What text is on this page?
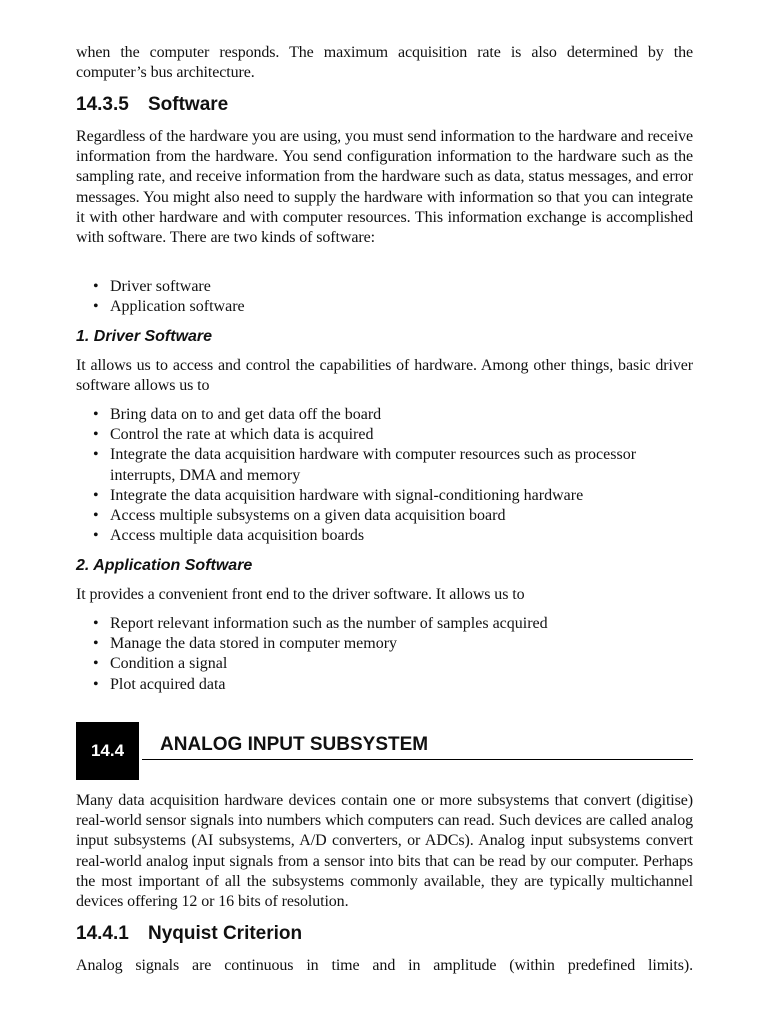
when the computer responds. The maximum acquisition rate is also determined by the computer’s bus architecture.

14.3.5 Software

Regardless of the hardware you are using, you must send information to the hardware and receive information from the hardware. You send configuration information to the hardware such as the sampling rate, and receive information from the hardware such as data, status messages, and error messages. You might also need to supply the hardware with information so that you can integrate it with other hardware and with computer resources. This information exchange is accomplished with software. There are two kinds of software:

• Driver software
• Application software
1. Driver Software

It allows us to access and control the capabilities of hardware. Among other things, basic driver software allows us to

• Bring data on to and get data off the board
• Control the rate at which data is acquired
• Integrate the data acquisition hardware with computer resources such as processor interrupts, DMA and memory
• Integrate the data acquisition hardware with signal-conditioning hardware
• Access multiple subsystems on a given data acquisition board
• Access multiple data acquisition boards
2. Application Software

It provides a convenient front end to the driver software. It allows us to

• Report relevant information such as the number of samples acquired
• Manage the data stored in computer memory
• Condition a signal
• Plot acquired data
14.4	ANALOG INPUT SUBSYSTEM

Many data acquisition hardware devices contain one or more subsystems that convert (digitise) real-world sensor signals into numbers which computers can read. Such devices are called analog input subsystems (AI subsystems, A/D converters, or ADCs). Analog input subsystems convert real-world analog input signals from a sensor into bits that can be read by our computer. Perhaps the most important of all the subsystems commonly available, they are typically multichannel devices offering 12 or 16 bits of resolution.

14.4.1 Nyquist Criterion

Analog signals are continuous in time and in amplitude (within predefined limits).
